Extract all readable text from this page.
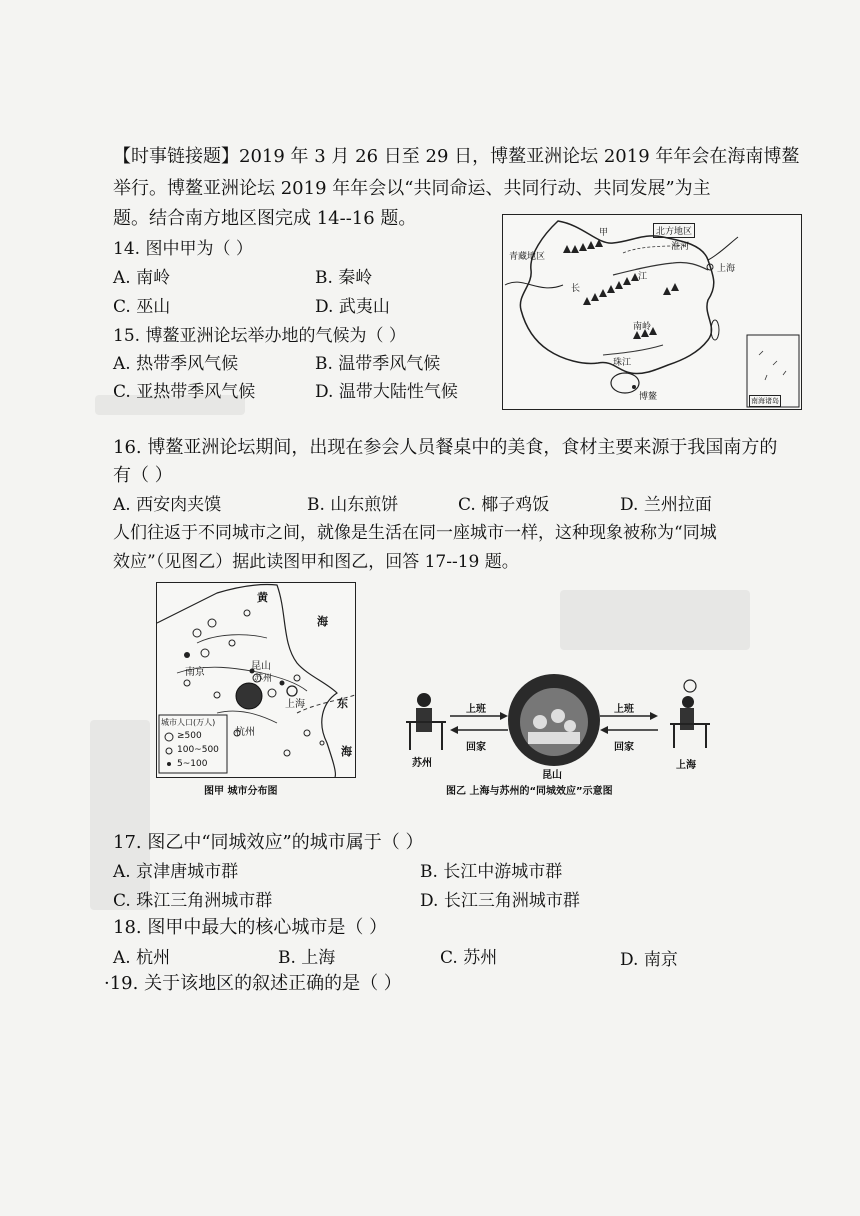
【时事链接题】2019 年 3 月 26 日至 29 日，博鳌亚洲论坛 2019 年年会在海南博鳌
举行。博鳌亚洲论坛 2019 年年会以“共同命运、共同行动、共同发展”为主
题。结合南方地区图完成 14--16 题。
14. 图中甲为（ ）
A. 南岭	B. 秦岭
C. 巫山	D. 武夷山
15. 博鳌亚洲论坛举办地的气候为（ ）
A. 热带季风气候	B. 温带季风气候
C. 亚热带季风气候	D. 温带大陆性气候
甲	北方地区
淮河
青藏地区
江
长
上海
南岭
珠江
博鳌	南海诸岛
16. 博鳌亚洲论坛期间，出现在参会人员餐桌中的美食，食材主要来源于我国南方的
有（ ）
A. 西安肉夹馍	B. 山东煎饼	C. 椰子鸡饭	D. 兰州拉面
人们往返于不同城市之间，就像是生活在同一座城市一样，这种现象被称为“同城
效应”（见图乙）据此读图甲和图乙，回答 17--19 题。
黄
海
南京
昆山
苏州
上海
杭州
东
海
城市人口(万人)
≥500
100~500
5~100
图甲 城市分布图
上班
回家
上班
回家
苏州
昆山
上海
图乙 上海与苏州的“同城效应”示意图
17. 图乙中“同城效应”的城市属于（ ）
A. 京津唐城市群	B. 长江中游城市群
C. 珠江三角洲城市群	D. 长江三角洲城市群
18. 图甲中最大的核心城市是（ ）
A. 杭州	B. 上海	C. 苏州	D. 南京
·19. 关于该地区的叙述正确的是（ ）
